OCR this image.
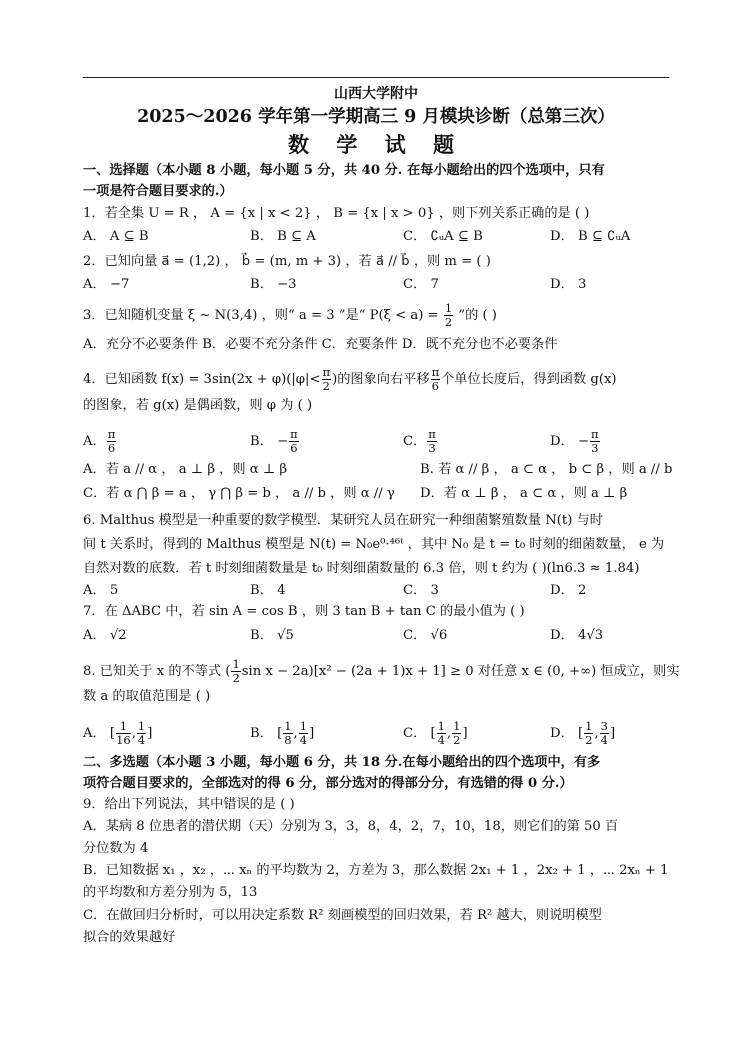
山西大学附中
2025～2026 学年第一学期高三 9 月模块诊断（总第三次）
数 学 试 题
一、选择题（本小题 8 小题，每小题 5 分，共 40 分. 在每小题给出的四个选项中，只有
一项是符合题目要求的.）
1．若全集 U = R ， A = {x | x < 2} ， B = {x | x > 0} ，则下列关系正确的是 ( )
A． A ⊆ B	B． B ⊆ A	C． ∁ᵤA ⊆ B	D． B ⊆ ∁ᵤA
2．已知向量 a⃗ = (1,2) ， b⃗ = (m, m + 3) ，若 a⃗ // b⃗ ，则 m = ( )
A． −7	B． −3	C． 7	D． 3
3．已知随机变量 ξ ~ N(3,4) ，则“ a = 3 ”是“ $P(\xi < a) = \frac{1}{2}$ ”的 ( )
A．充分不必要条件 B．必要不充分条件 C．充要条件 D．既不充分也不必要条件
4．已知函数 $f(x) = 3\sin(2x + \varphi)(|\varphi|< \frac{\pi}{2}$ )的图象向右平移 $\frac{\pi}{6}$ 个单位长度后，得到函数 g(x)
的图象，若 g(x) 是偶函数，则 φ 为 ( )
A． $\frac{\pi}{6}$	B． − $\frac{\pi}{6}$	C． $\frac{\pi}{3}$	D． − $\frac{\pi}{3}$
A．若 a // α ， a ⊥ β ，则 α ⊥ β	B. 若 α // β ， a ⊂ α ， b ⊂ β ，则 a // b
C．若 α ⋂ β = a ， γ ⋂ β = b ， a // b ，则 α // γ D．若 α ⊥ β ， a ⊂ α ，则 a ⊥ β
6. Malthus 模型是一种重要的数学模型．某研究人员在研究一种细菌繁殖数量 N(t) 与时
间 t 关系时，得到的 Malthus 模型是 N(t) = N₀e⁰·⁴⁶ᵗ ，其中 N₀ 是 t = t₀ 时刻的细菌数量， e 为
自然对数的底数．若 t 时刻细菌数量是 t₀ 时刻细菌数量的 6.3 倍，则 t 约为 ( )(ln6.3 ≈ 1.84)
A． 5	B． 4	C． 3	D． 2
7．在 ΔABC 中，若 sin A = cos B ，则 3 tan B + tan C 的最小值为 ( )
A． √2	B． √5	C． √6	D． 4√3
8. 已知关于 x 的不等式 ( $\frac{1}{2}$ sin x − 2a)[x² − (2a + 1)x + 1] ≥ 0 对任意 x ∈ (0, +∞) 恒成立，则实
数 a 的取值范围是 ( )
A． [ $\frac{1}{16}$ , $\frac{1}{4}$ ]	B． [ $\frac{1}{8}$ , $\frac{1}{4}$ ]	C． [ $\frac{1}{4}$ , $\frac{1}{2}$ ]	D． [ $\frac{1}{2}$ , $\frac{3}{4}$ ]
二、多选题（本小题 3 小题，每小题 6 分，共 18 分.在每小题给出的四个选项中，有多
项符合题目要求的，全部选对的得 6 分，部分选对的得部分分，有选错的得 0 分.）
9．给出下列说法，其中错误的是 ( )
A．某病 8 位患者的潜伏期（天）分别为 3，3，8，4，2，7，10，18，则它们的第 50 百
分位数为 4
B．已知数据 x₁ ，x₂ ，⋯ xₙ 的平均数为 2，方差为 3，那么数据 2x₁ + 1 ，2x₂ + 1 ，⋯ 2xₙ + 1
的平均数和方差分别为 5，13
C．在做回归分析时，可以用决定系数 R² 刻画模型的回归效果，若 R² 越大，则说明模型
拟合的效果越好
